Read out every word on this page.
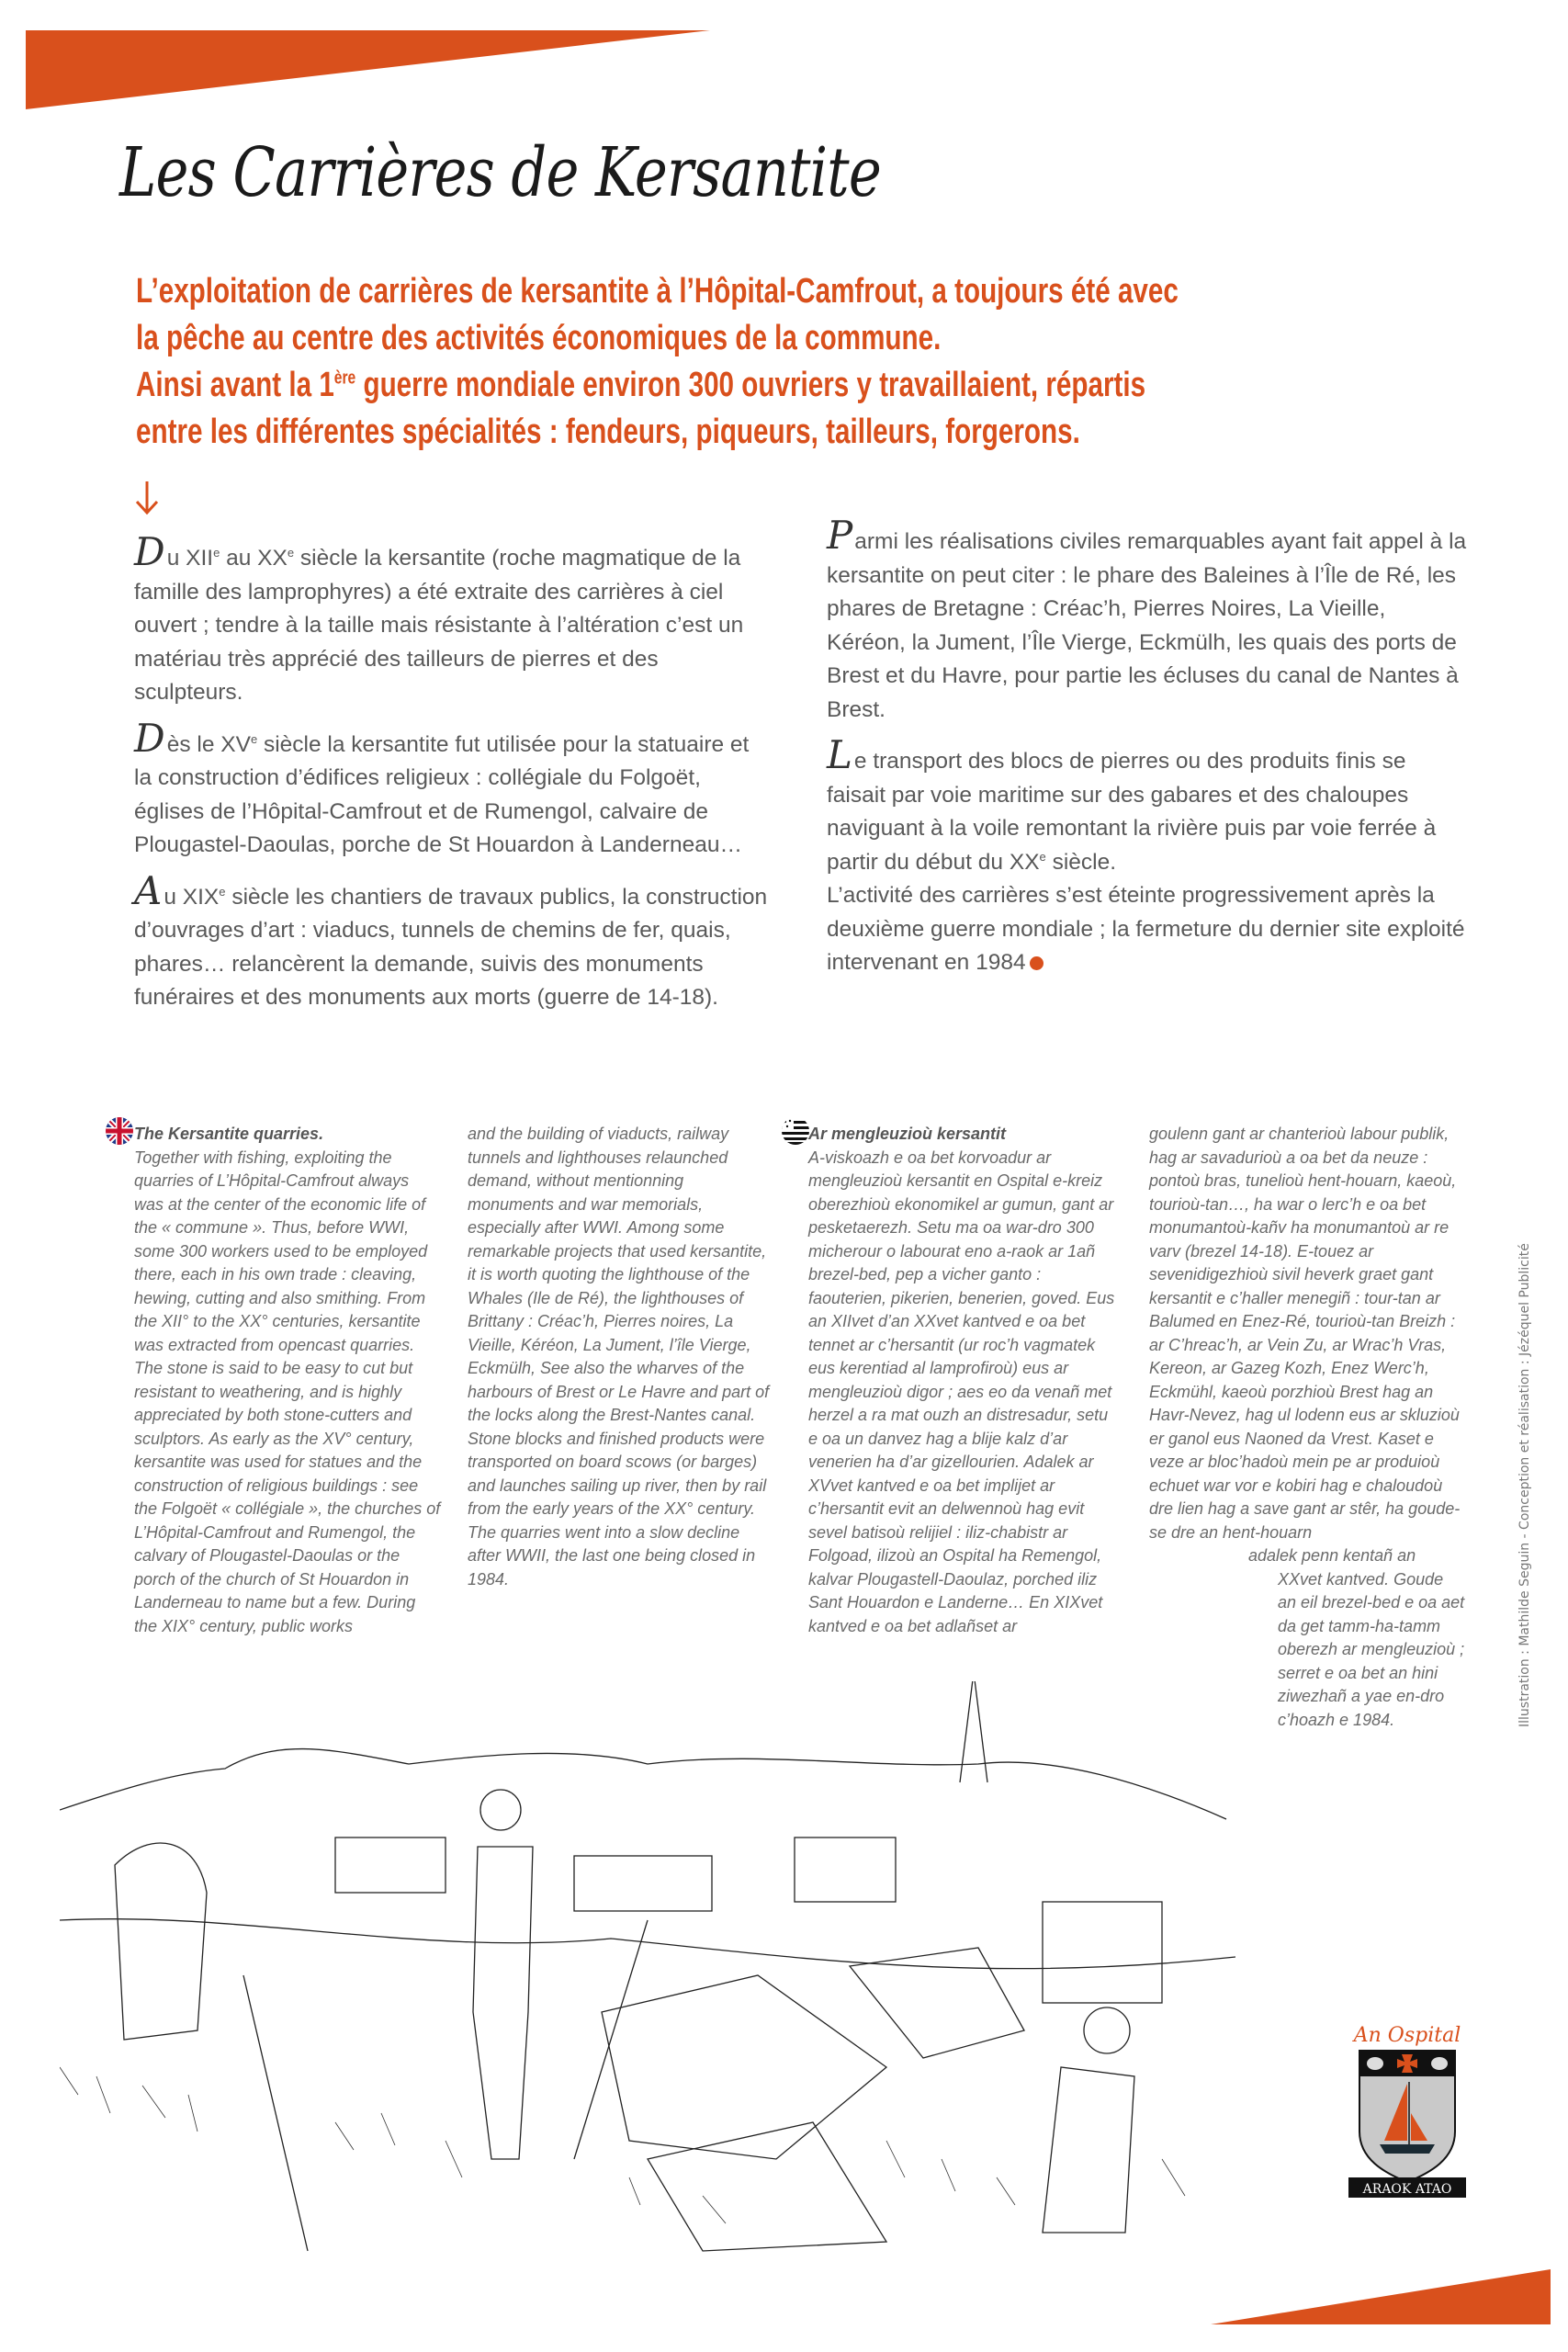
Les Carrières de Kersantite
L’exploitation de carrières de kersantite à l’Hôpital-Camfrout, a toujours été avec
la pêche au centre des activités économiques de la commune.
Ainsi avant la 1ère guerre mondiale environ 300 ouvriers y travaillaient, répartis
entre les différentes spécialités : fendeurs, piqueurs, tailleurs, forgerons.

Du XIIe au XXe siècle la kersantite (roche magmatique de la famille des lamprophyres) a été extraite des carrières à ciel ouvert ; tendre à la taille mais résistante à l’altération c’est un matériau très apprécié des tailleurs de pierres et des sculpteurs.

Dès le XVe siècle la kersantite fut utilisée pour la statuaire et la construction d’édifices religieux : collégiale du Folgoët, églises de l’Hôpital-Camfrout et de Rumengol, calvaire de Plougastel-Daoulas, porche de St Houardon à Landerneau…

Au XIXe siècle les chantiers de travaux publics, la construction d’ouvrages d’art : viaducs, tunnels de chemins de fer, quais, phares… relancèrent la demande, suivis des monuments funéraires et des monuments aux morts (guerre de 14-18).

Parmi les réalisations civiles remarquables ayant fait appel à la kersantite on peut citer : le phare des Baleines à l’Île de Ré, les phares de Bretagne : Créac’h, Pierres Noires, La Vieille, Kéréon, la Jument, l’Île Vierge, Eckmülh, les quais des ports de Brest et du Havre, pour partie les écluses du canal de Nantes à Brest.

Le transport des blocs de pierres ou des produits finis se faisait par voie maritime sur des gabares et des chaloupes naviguant à la voile remontant la rivière puis par voie ferrée à partir du début du XXe siècle.
L’activité des carrières s’est éteinte progressivement après la deuxième guerre mondiale ; la fermeture du dernier site exploité intervenant en 1984

The Kersantite quarries.
Together with fishing, exploiting the quarries of L’Hôpital-Camfrout always was at the center of the economic life of the « commune ». Thus, before WWI, some 300 workers used to be employed there, each in his own trade : cleaving, hewing, cutting and also smithing. From the XII° to the XX° centuries, kersantite was extracted from opencast quarries. The stone is said to be easy to cut but resistant to weathering, and is highly appreciated by both stone-cutters and sculptors. As early as the XV° century, kersantite was used for statues and the construction of religious buildings : see the Folgoët « collégiale », the churches of L’Hôpital-Camfrout and Rumengol, the calvary of Plougastel-Daoulas or the porch of the church of St Houardon in Landerneau to name but a few. During the XIX° century, public works
and the building of viaducts, railway tunnels and lighthouses relaunched demand, without mentionning monuments and war memorials, especially after WWI. Among some remarkable projects that used kersantite, it is worth quoting the lighthouse of the Whales (Ile de Ré), the lighthouses of Brittany : Créac’h, Pierres noires, La Vieille, Kéréon, La Jument, l’île Vierge, Eckmülh, See also the wharves of the harbours of Brest or Le Havre and part of the locks along the Brest-Nantes canal. Stone blocks and finished products were transported on board scows (or barges) and launches sailing up river, then by rail from the early years of the XX° century. The quarries went into a slow decline after WWII, the last one being closed in 1984.
Ar mengleuzioù kersantit
A-viskoazh e oa bet korvoadur ar mengleuzioù kersantit en Ospital e-kreiz oberezhioù ekonomikel ar gumun, gant ar pesketaerezh. Setu ma oa war-dro 300 micherour o labourat eno a-raok ar 1añ brezel-bed, pep a vicher ganto : faouterien, pikerien, benerien, goved. Eus an XIIvet d’an XXvet kantved e oa bet tennet ar c’hersantit (ur roc’h vagmatek eus kerentiad al lamprofiroù) eus ar mengleuzioù digor ; aes eo da venañ met herzel a ra mat ouzh an distresadur, setu e oa un danvez hag a blije kalz d’ar venerien ha d’ar gizellourien. Adalek ar XVvet kantved e oa bet implijet ar c’hersantit evit an delwennoù hag evit sevel batisoù relijiel : iliz-chabistr ar Folgoad, ilizoù an Ospital ha Remengol, kalvar Plougastell-Daoulaz, porched iliz Sant Houardon e Landerne… En XIXvet kantved e oa bet adlañset ar
goulenn gant ar chanterioù labour publik, hag ar savadurioù a oa bet da neuze : pontoù bras, tunelioù hent-houarn, kaeoù, tourioù-tan…, ha war o lerc’h e oa bet monumantoù-kañv ha monumantoù ar re varv (brezel 14-18). E-touez ar sevenidigezhioù sivil heverk graet gant kersantit e c’haller menegiñ : tour-tan ar Balumed en Enez-Ré, tourioù-tan Breizh : ar C’hreac’h, ar Vein Zu, ar Wrac’h Vras, Kereon, ar Gazeg Kozh, Enez Werc’h, Eckmühl, kaeoù porzhioù Brest hag an Havr-Nevez, hag ul lodenn eus ar skluzioù er ganol eus Naoned da Vrest. Kaset e veze ar bloc’hadoù mein pe ar produioù echuet war vor e kobiri hag e chaloudoù dre lien hag a save gant ar stêr, ha goude-se dre an hent-houarn
adalek penn kentañ an
XXvet kantved. Goude an eil brezel-bed e oa aet da get tamm-ha-tamm oberezh ar mengleuzioù ; serret e oa bet an hini ziwezhañ a yae en-dro c’hoazh e 1984.	Illustration : Mathilde Seguin - Conception et réalisation : Jézéquel Publicité
An Ospital
ARAOK ATAO
